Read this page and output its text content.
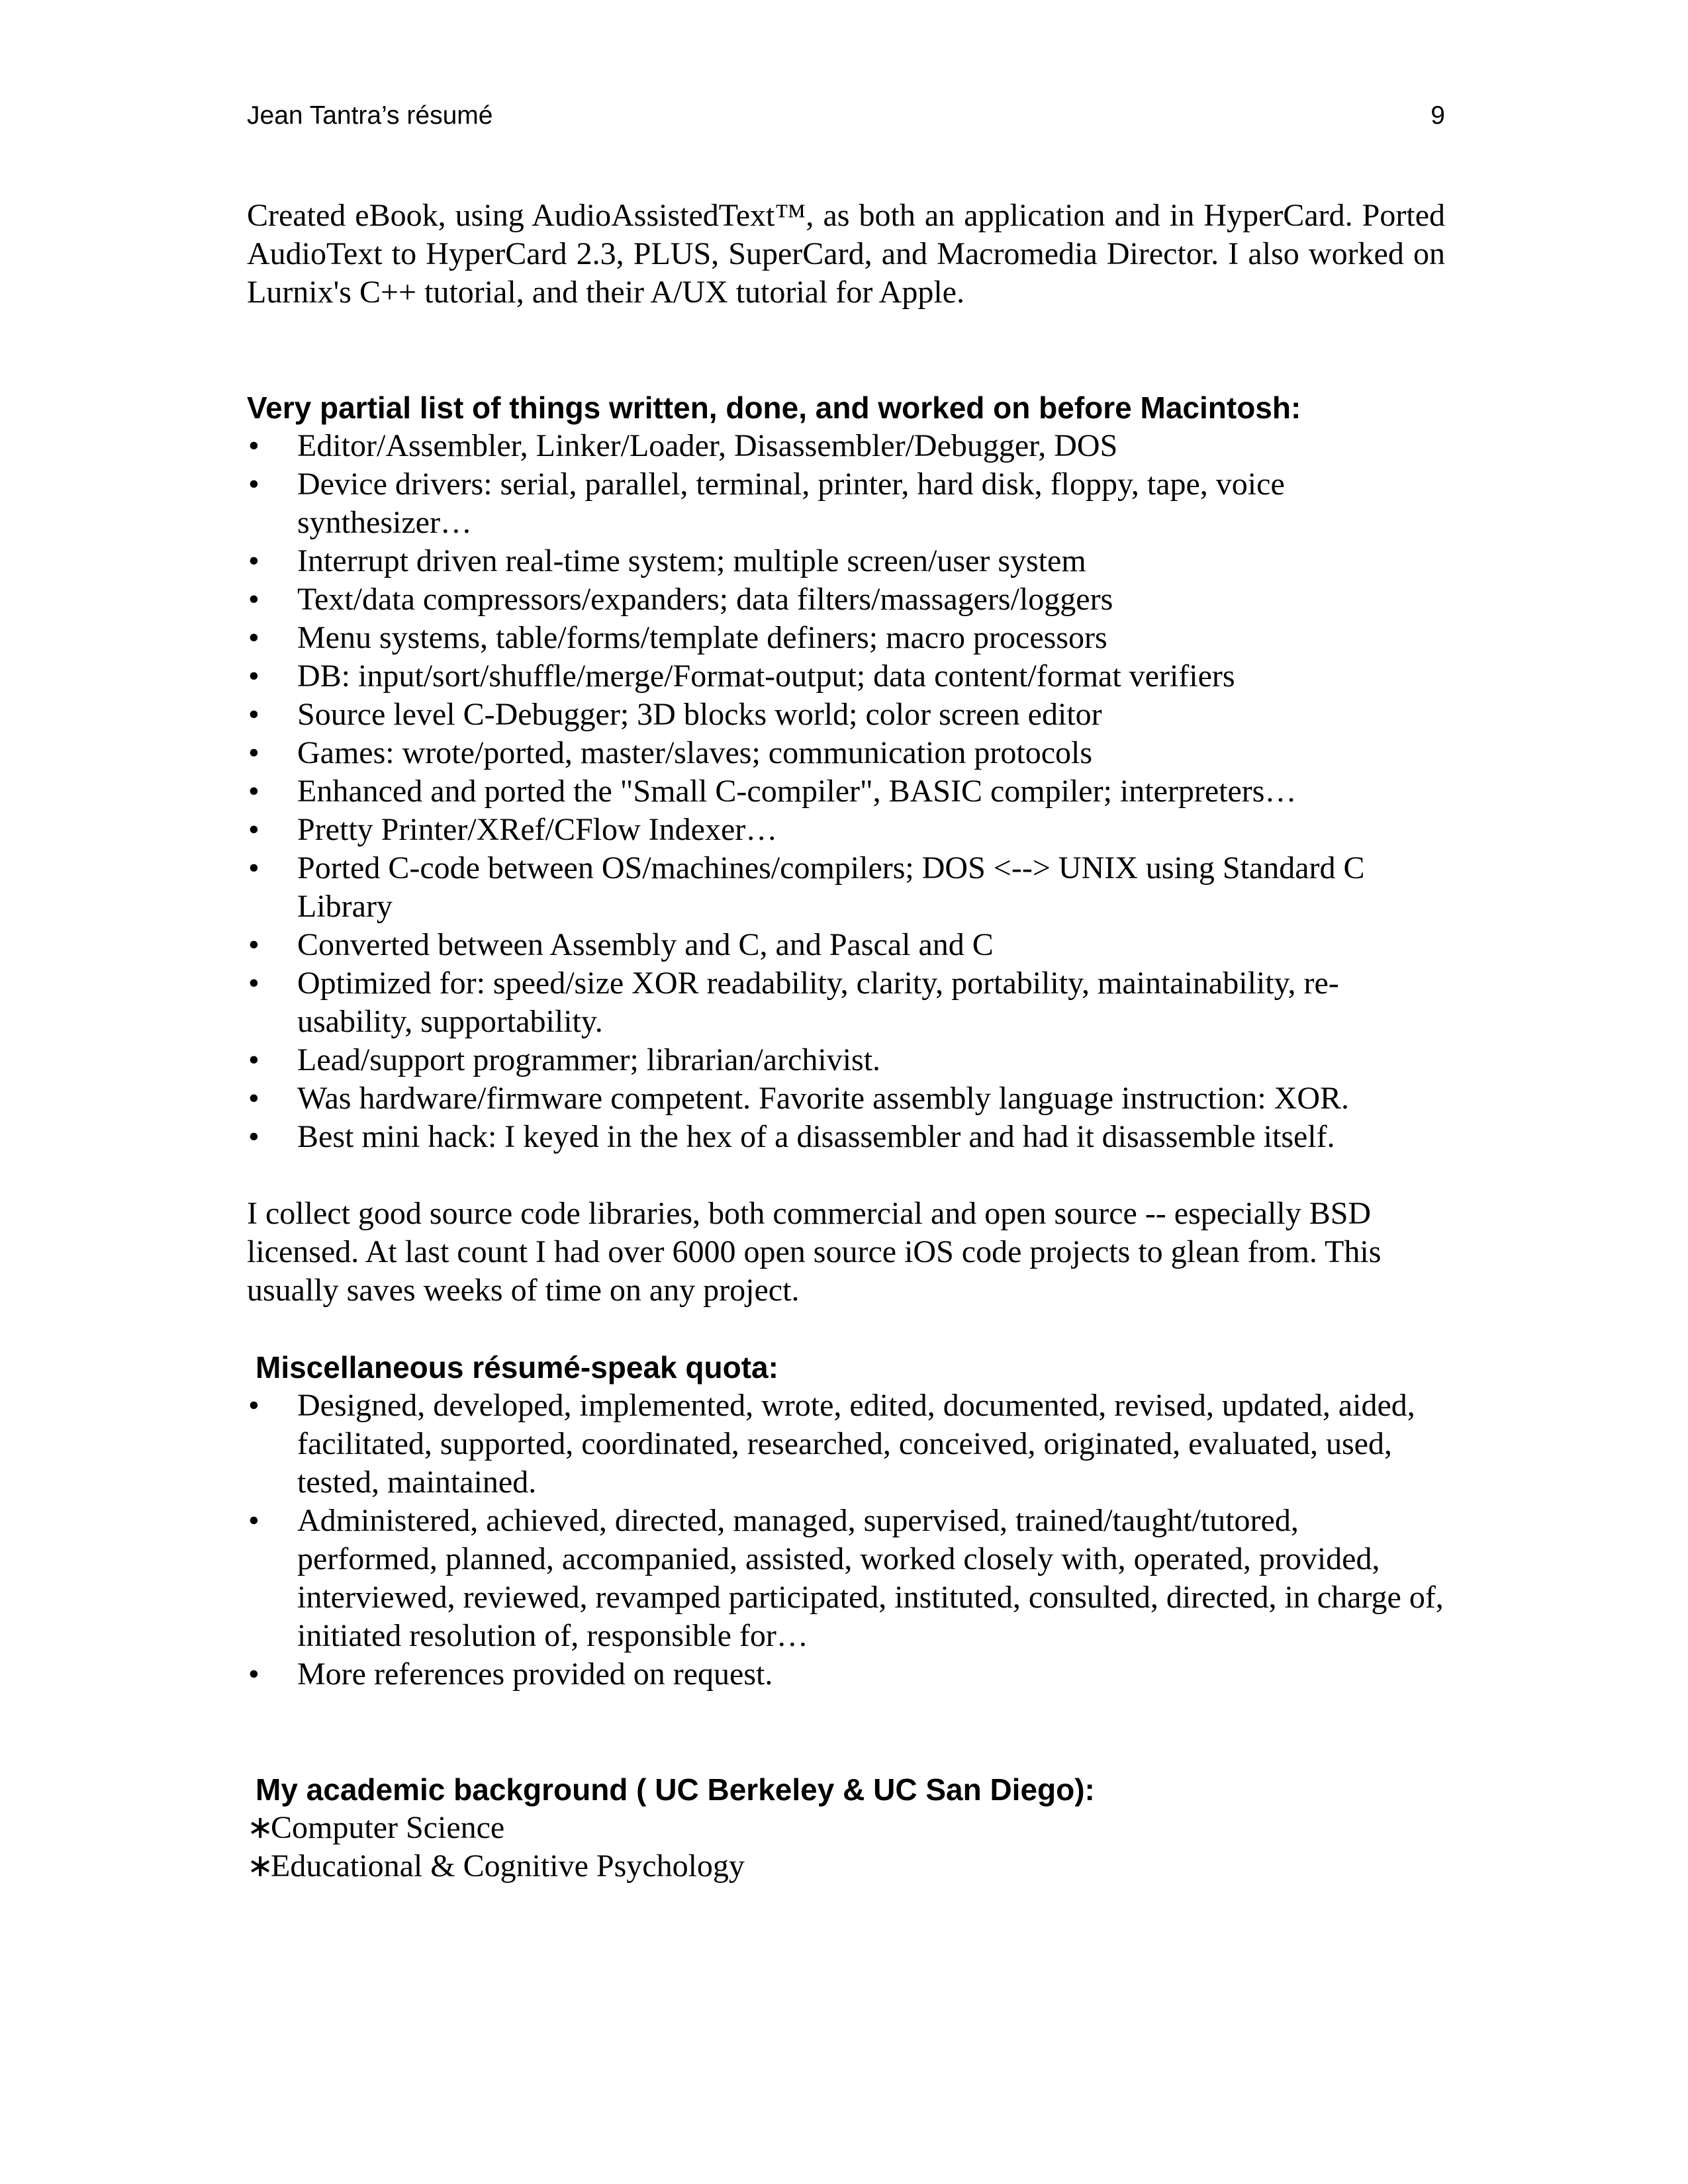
Jean Tantra’s résumé	9

Created eBook, using AudioAssistedText™, as both an application and in HyperCard. Ported AudioText to HyperCard 2.3, PLUS, SuperCard, and Macromedia Director. I also worked on Lurnix's C++ tutorial, and their A/UX tutorial for Apple.

Very partial list of things written, done, and worked on before Macintosh:
• Editor/Assembler, Linker/Loader, Disassembler/Debugger, DOS
• Device drivers: serial, parallel, terminal, printer, hard disk, floppy, tape, voice synthesizer…
• Interrupt driven real-time system; multiple screen/user system
• Text/data compressors/expanders; data filters/massagers/loggers
• Menu systems, table/forms/template definers; macro processors
• DB: input/sort/shuffle/merge/Format-output; data content/format verifiers
• Source level C-Debugger; 3D blocks world; color screen editor
• Games: wrote/ported, master/slaves; communication protocols
• Enhanced and ported the "Small C-compiler", BASIC compiler; interpreters…
• Pretty Printer/XRef/CFlow Indexer…
• Ported C-code between OS/machines/compilers; DOS <--> UNIX using Standard C Library
• Converted between Assembly and C, and Pascal and C
• Optimized for: speed/size XOR readability, clarity, portability, maintainability, re-usability, supportability.
• Lead/support programmer; librarian/archivist.
• Was hardware/firmware competent. Favorite assembly language instruction: XOR.
• Best mini hack: I keyed in the hex of a disassembler and had it disassemble itself.

I collect good source code libraries, both commercial and open source -- especially BSD licensed. At last count I had over 6000 open source iOS code projects to glean from. This usually saves weeks of time on any project.

Miscellaneous résumé-speak quota:
• Designed, developed, implemented, wrote, edited, documented, revised, updated, aided, facilitated, supported, coordinated, researched, conceived, originated, evaluated, used, tested, maintained.
• Administered, achieved, directed, managed, supervised, trained/taught/tutored, performed, planned, accompanied, assisted, worked closely with, operated, provided, interviewed, reviewed, revamped participated, instituted, consulted, directed, in charge of, initiated resolution of, responsible for…
• More references provided on request.
My academic background ( UC Berkeley & UC San Diego):
∗Computer Science
∗Educational & Cognitive Psychology
